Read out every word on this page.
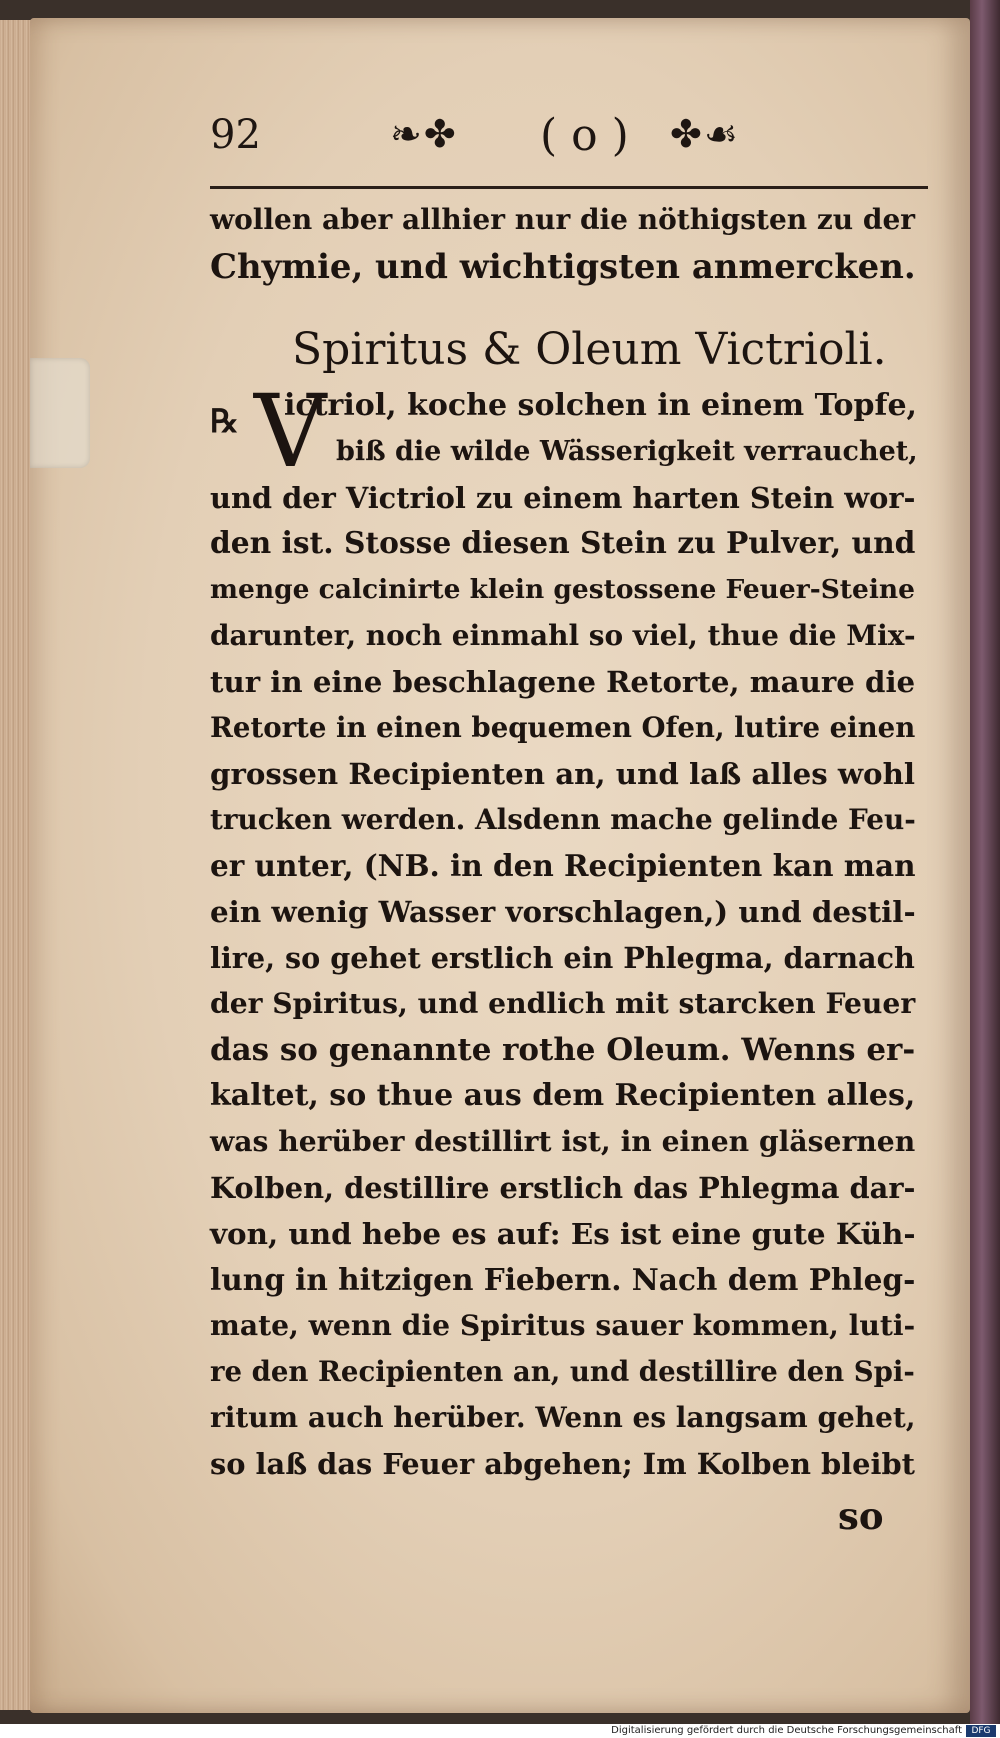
92	❧✤ ( o ) ✤☙
wollen aber allhier nur die nöthigsten zu der
Chymie, und wichtigsten anmercken.
Spiritus & Oleum Victrioli.
℞ V
ictriol, koche solchen in einem Topfe,
biß die wilde Wässerigkeit verrauchet,
und der Victriol zu einem harten Stein wor-
den ist. Stosse diesen Stein zu Pulver, und
menge calcinirte klein gestossene Feuer-Steine
darunter, noch einmahl so viel, thue die Mix-
tur in eine beschlagene Retorte, maure die
Retorte in einen bequemen Ofen, lutire einen
grossen Recipienten an, und laß alles wohl
trucken werden. Alsdenn mache gelinde Feu-
er unter, (NB. in den Recipienten kan man
ein wenig Wasser vorschlagen,) und destil-
lire, so gehet erstlich ein Phlegma, darnach
der Spiritus, und endlich mit starcken Feuer
das so genannte rothe Oleum. Wenns er-
kaltet, so thue aus dem Recipienten alles,
was herüber destillirt ist, in einen gläsernen
Kolben, destillire erstlich das Phlegma dar-
von, und hebe es auf: Es ist eine gute Küh-
lung in hitzigen Fiebern. Nach dem Phleg-
mate, wenn die Spiritus sauer kommen, luti-
re den Recipienten an, und destillire den Spi-
ritum auch herüber. Wenn es langsam gehet,
so laß das Feuer abgehen; Im Kolben bleibt
so
Digitalisierung gefördert durch die Deutsche Forschungsgemeinschaft	DFG
